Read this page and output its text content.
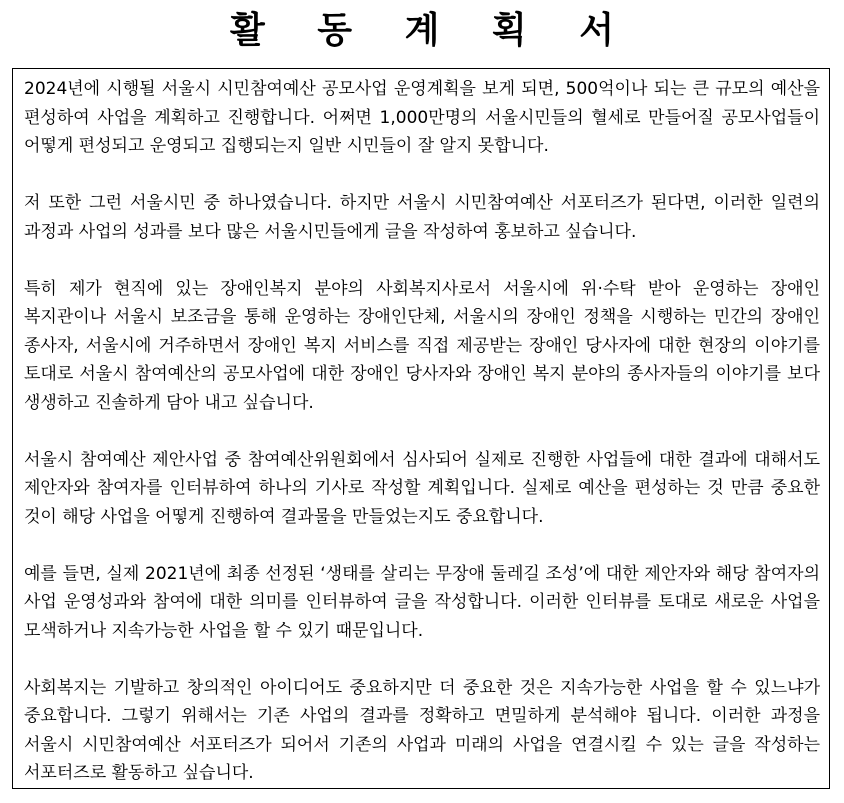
활 동 계 획 서

2024년에 시행될 서울시 시민참여예산 공모사업 운영계획을 보게 되면, 500억이나 되는 큰 규모의 예산을 편성하여 사업을 계획하고 진행합니다. 어쩌면 1,000만명의 서울시민들의 혈세로 만들어질 공모사업들이 어떻게 편성되고 운영되고 집행되는지 일반 시민들이 잘 알지 못합니다.

저 또한 그런 서울시민 중 하나였습니다. 하지만 서울시 시민참여예산 서포터즈가 된다면, 이러한 일련의 과정과 사업의 성과를 보다 많은 서울시민들에게 글을 작성하여 홍보하고 싶습니다.

특히 제가 현직에 있는 장애인복지 분야의 사회복지사로서 서울시에 위·수탁 받아 운영하는 장애인 복지관이나 서울시 보조금을 통해 운영하는 장애인단체, 서울시의 장애인 정책을 시행하는 민간의 장애인 종사자, 서울시에 거주하면서 장애인 복지 서비스를 직접 제공받는 장애인 당사자에 대한 현장의 이야기를 토대로 서울시 참여예산의 공모사업에 대한 장애인 당사자와 장애인 복지 분야의 종사자들의 이야기를 보다 생생하고 진솔하게 담아 내고 싶습니다.

서울시 참여예산 제안사업 중 참여예산위원회에서 심사되어 실제로 진행한 사업들에 대한 결과에 대해서도 제안자와 참여자를 인터뷰하여 하나의 기사로 작성할 계획입니다. 실제로 예산을 편성하는 것 만큼 중요한 것이 해당 사업을 어떻게 진행하여 결과물을 만들었는지도 중요합니다.

예를 들면, 실제 2021년에 최종 선정된 ‘생태를 살리는 무장애 둘레길 조성’에 대한 제안자와 해당 참여자의 사업 운영성과와 참여에 대한 의미를 인터뷰하여 글을 작성합니다. 이러한 인터뷰를 토대로 새로운 사업을 모색하거나 지속가능한 사업을 할 수 있기 때문입니다.

사회복지는 기발하고 창의적인 아이디어도 중요하지만 더 중요한 것은 지속가능한 사업을 할 수 있느냐가 중요합니다. 그렇기 위해서는 기존 사업의 결과를 정확하고 면밀하게 분석해야 됩니다. 이러한 과정을 서울시 시민참여예산 서포터즈가 되어서 기존의 사업과 미래의 사업을 연결시킬 수 있는 글을 작성하는 서포터즈로 활동하고 싶습니다.
